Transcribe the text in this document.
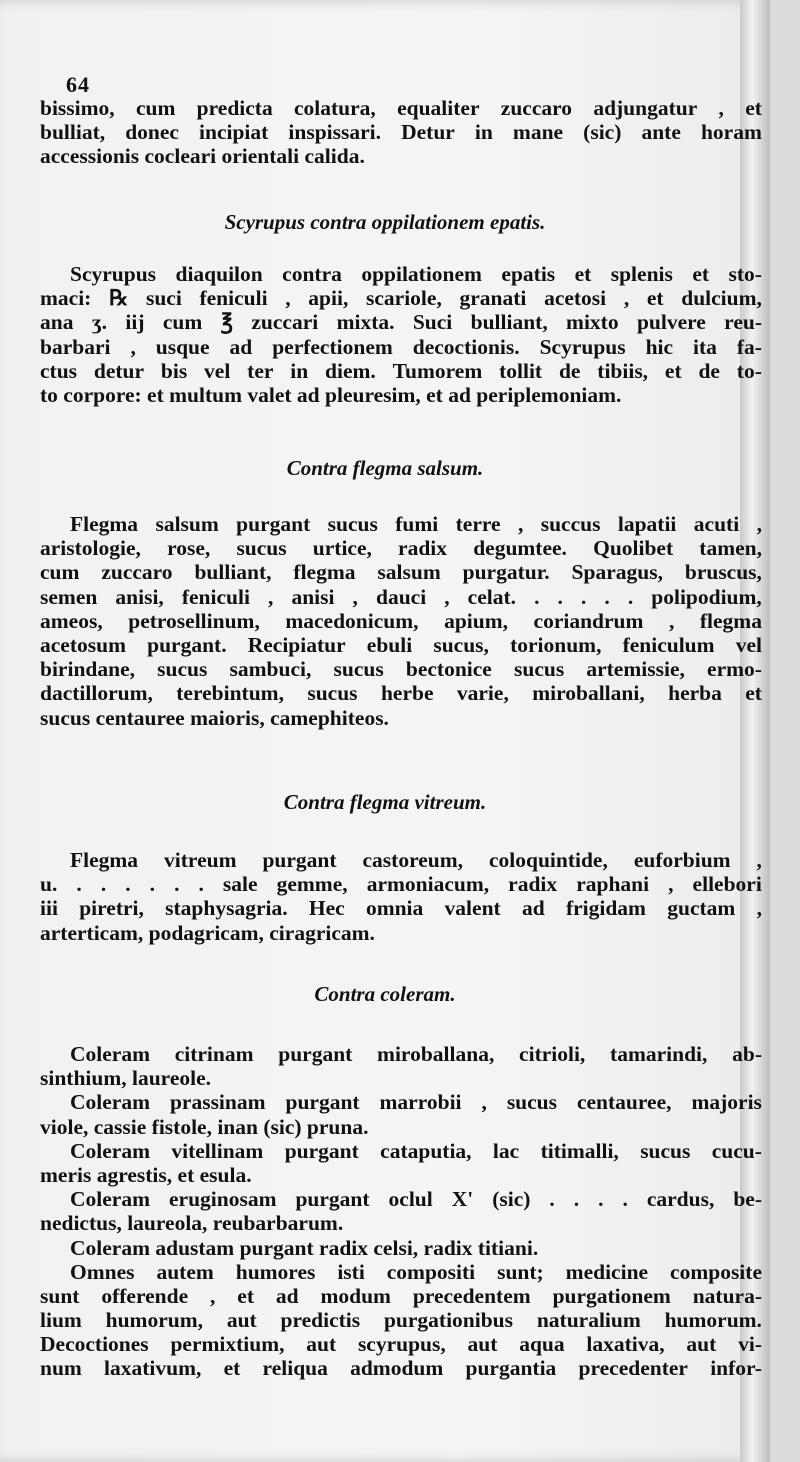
64
bissimo, cum predicta colatura, equaliter zuccaro adjungatur , et
bulliat, donec incipiat inspissari. Detur in mane (sic) ante horam
accessionis cocleari orientali calida.
Scyrupus contra oppilationem epatis.
Scyrupus diaquilon contra oppilationem epatis et splenis et sto-
maci: ℞ suci feniculi , apii, scariole, granati acetosi , et dulcium,
ana ʒ. iij cum ℥ zuccari mixta. Suci bulliant, mixto pulvere reu-
barbari , usque ad perfectionem decoctionis. Scyrupus hic ita fa-
ctus detur bis vel ter in diem. Tumorem tollit de tibiis, et de to-
to corpore: et multum valet ad pleuresim, et ad periplemoniam.
Contra flegma salsum.
Flegma salsum purgant sucus fumi terre , succus lapatii acuti ,
aristologie, rose, sucus urtice, radix degumtee. Quolibet tamen,
cum zuccaro bulliant, flegma salsum purgatur. Sparagus, bruscus,
semen anisi, feniculi , anisi , dauci , celat. . . . . . polipodium,
ameos, petrosellinum, macedonicum, apium, coriandrum , flegma
acetosum purgant. Recipiatur ebuli sucus, torionum, feniculum vel
birindane, sucus sambuci, sucus bectonice sucus artemissie, ermo-
dactillorum, terebintum, sucus herbe varie, miroballani, herba et
sucus centauree maioris, camephiteos.
Contra flegma vitreum.
Flegma vitreum purgant castoreum, coloquintide, euforbium ,
u. . . . . . . sale gemme, armoniacum, radix raphani , ellebori
iii piretri, staphysagria. Hec omnia valent ad frigidam guctam ,
arterticam, podagricam, ciragricam.
Contra coleram.
Coleram citrinam purgant miroballana, citrioli, tamarindi, ab-
sinthium, laureole.
Coleram prassinam purgant marrobii , sucus centauree, majoris
viole, cassie fistole, inan (sic) pruna.
Coleram vitellinam purgant cataputia, lac titimalli, sucus cucu-
meris agrestis, et esula.
Coleram eruginosam purgant oclul X' (sic) . . . . cardus, be-
nedictus, laureola, reubarbarum.
Coleram adustam purgant radix celsi, radix titiani.
Omnes autem humores isti compositi sunt; medicine composite
sunt offerende , et ad modum precedentem purgationem natura-
lium humorum, aut predictis purgationibus naturalium humorum.
Decoctiones permixtium, aut scyrupus, aut aqua laxativa, aut vi-
num laxativum, et reliqua admodum purgantia precedenter infor-
